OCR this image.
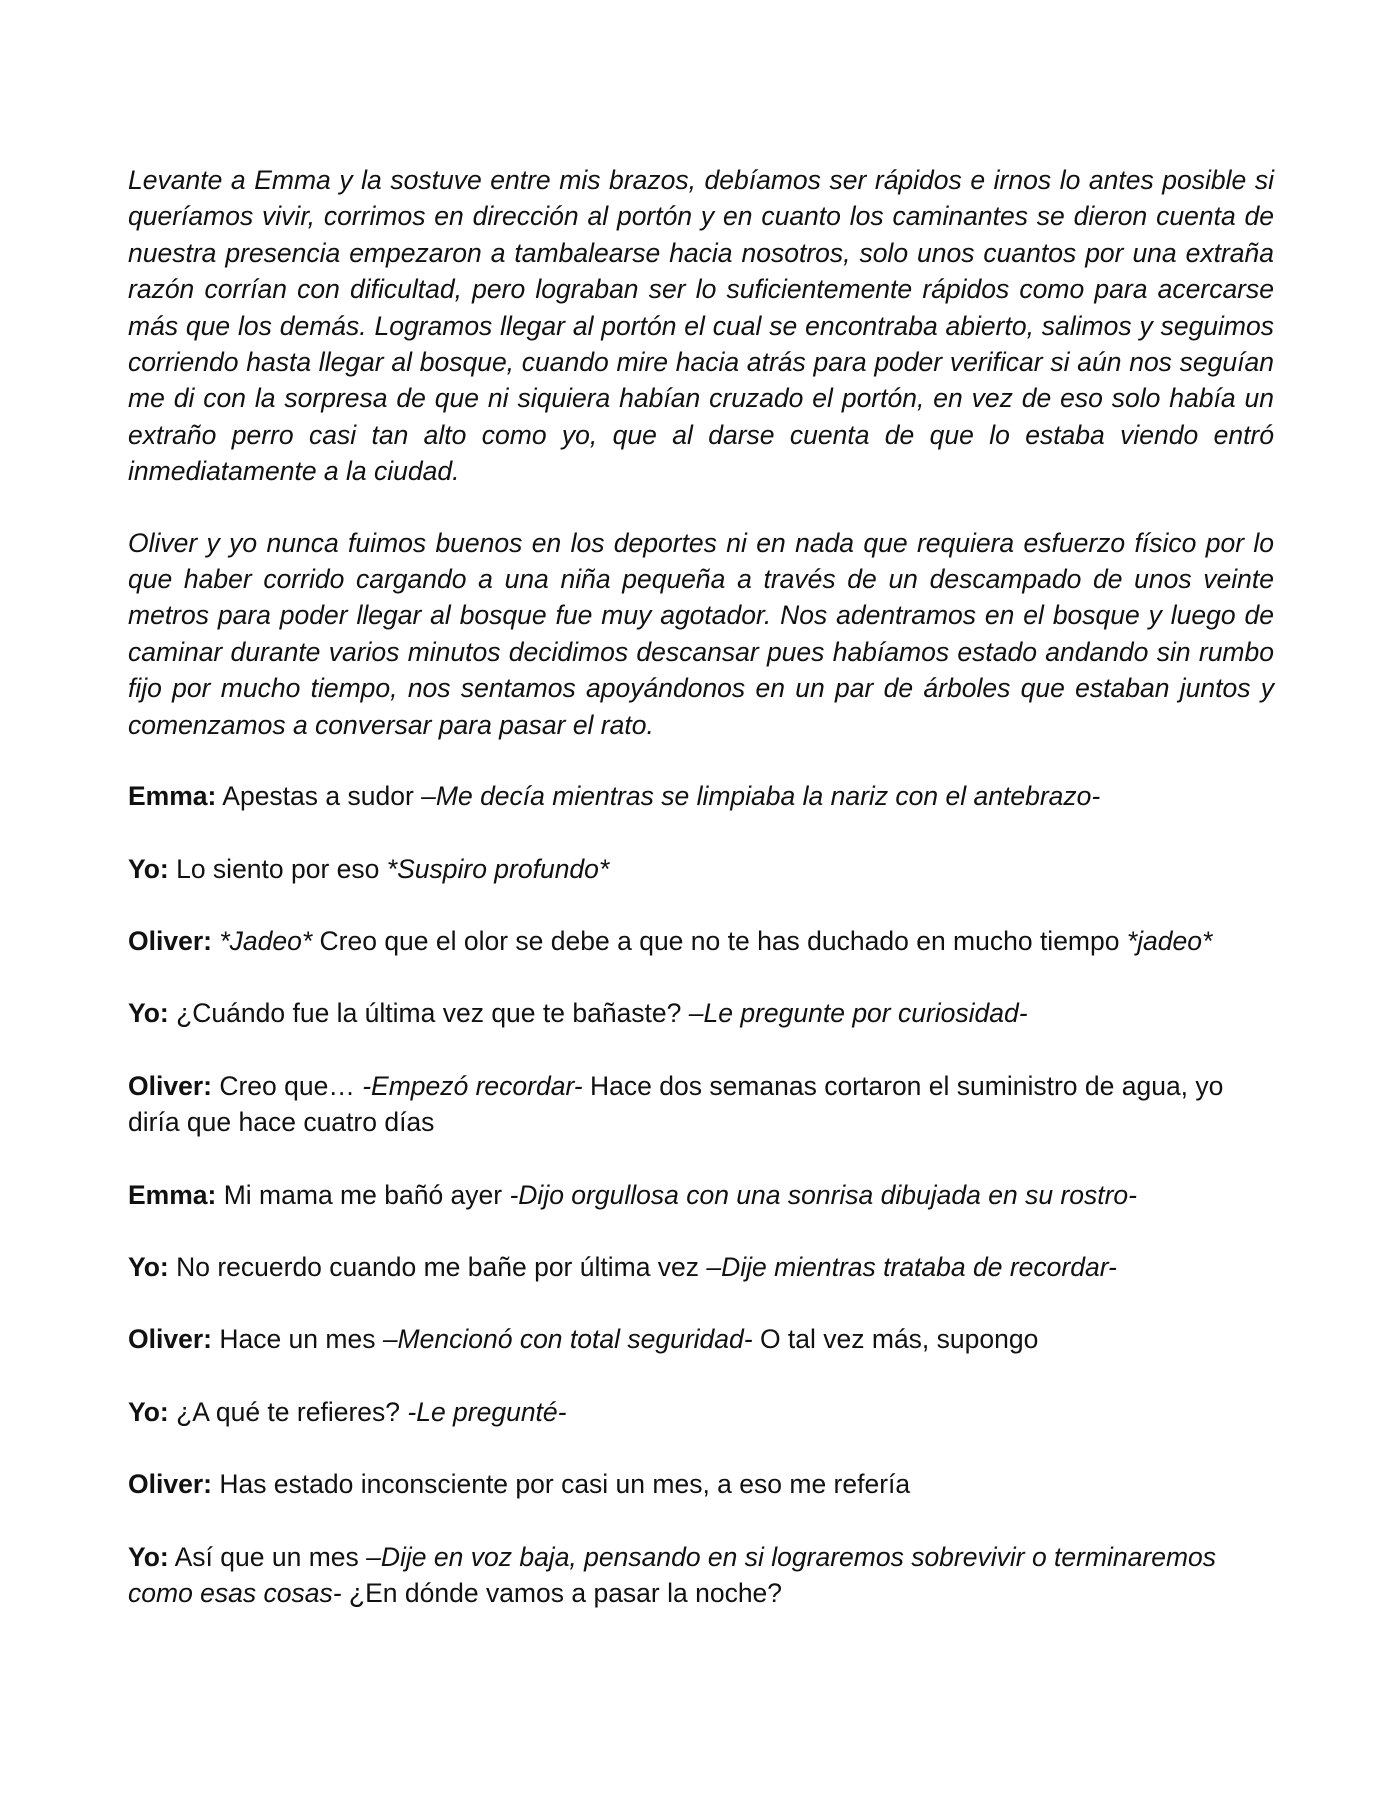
Levante a Emma y la sostuve entre mis brazos, debíamos ser rápidos e irnos lo antes posible si queríamos vivir, corrimos en dirección al portón y en cuanto los caminantes se dieron cuenta de nuestra presencia empezaron a tambalearse hacia nosotros, solo unos cuantos por una extraña razón corrían con dificultad, pero lograban ser lo suficientemente rápidos como para acercarse más que los demás. Logramos llegar al portón el cual se encontraba abierto, salimos y seguimos corriendo hasta llegar al bosque, cuando mire hacia atrás para poder verificar si aún nos seguían me di con la sorpresa de que ni siquiera habían cruzado el portón, en vez de eso solo había un extraño perro casi tan alto como yo, que al darse cuenta de que lo estaba viendo entró inmediatamente a la ciudad.

Oliver y yo nunca fuimos buenos en los deportes ni en nada que requiera esfuerzo físico por lo que haber corrido cargando a una niña pequeña a través de un descampado de unos veinte metros para poder llegar al bosque fue muy agotador. Nos adentramos en el bosque y luego de caminar durante varios minutos decidimos descansar pues habíamos estado andando sin rumbo fijo por mucho tiempo, nos sentamos apoyándonos en un par de árboles que estaban juntos y comenzamos a conversar para pasar el rato.

Emma: Apestas a sudor –Me decía mientras se limpiaba la nariz con el antebrazo-

Yo: Lo siento por eso *Suspiro profundo*

Oliver: *Jadeo* Creo que el olor se debe a que no te has duchado en mucho tiempo *jadeo*

Yo: ¿Cuándo fue la última vez que te bañaste? –Le pregunte por curiosidad-

Oliver: Creo que… -Empezó recordar- Hace dos semanas cortaron el suministro de agua, yo diría que hace cuatro días

Emma: Mi mama me bañó ayer -Dijo orgullosa con una sonrisa dibujada en su rostro-

Yo: No recuerdo cuando me bañe por última vez –Dije mientras trataba de recordar-

Oliver: Hace un mes –Mencionó con total seguridad- O tal vez más, supongo

Yo: ¿A qué te refieres? -Le pregunté-

Oliver: Has estado inconsciente por casi un mes, a eso me refería

Yo: Así que un mes –Dije en voz baja, pensando en si lograremos sobrevivir o terminaremos como esas cosas- ¿En dónde vamos a pasar la noche?
